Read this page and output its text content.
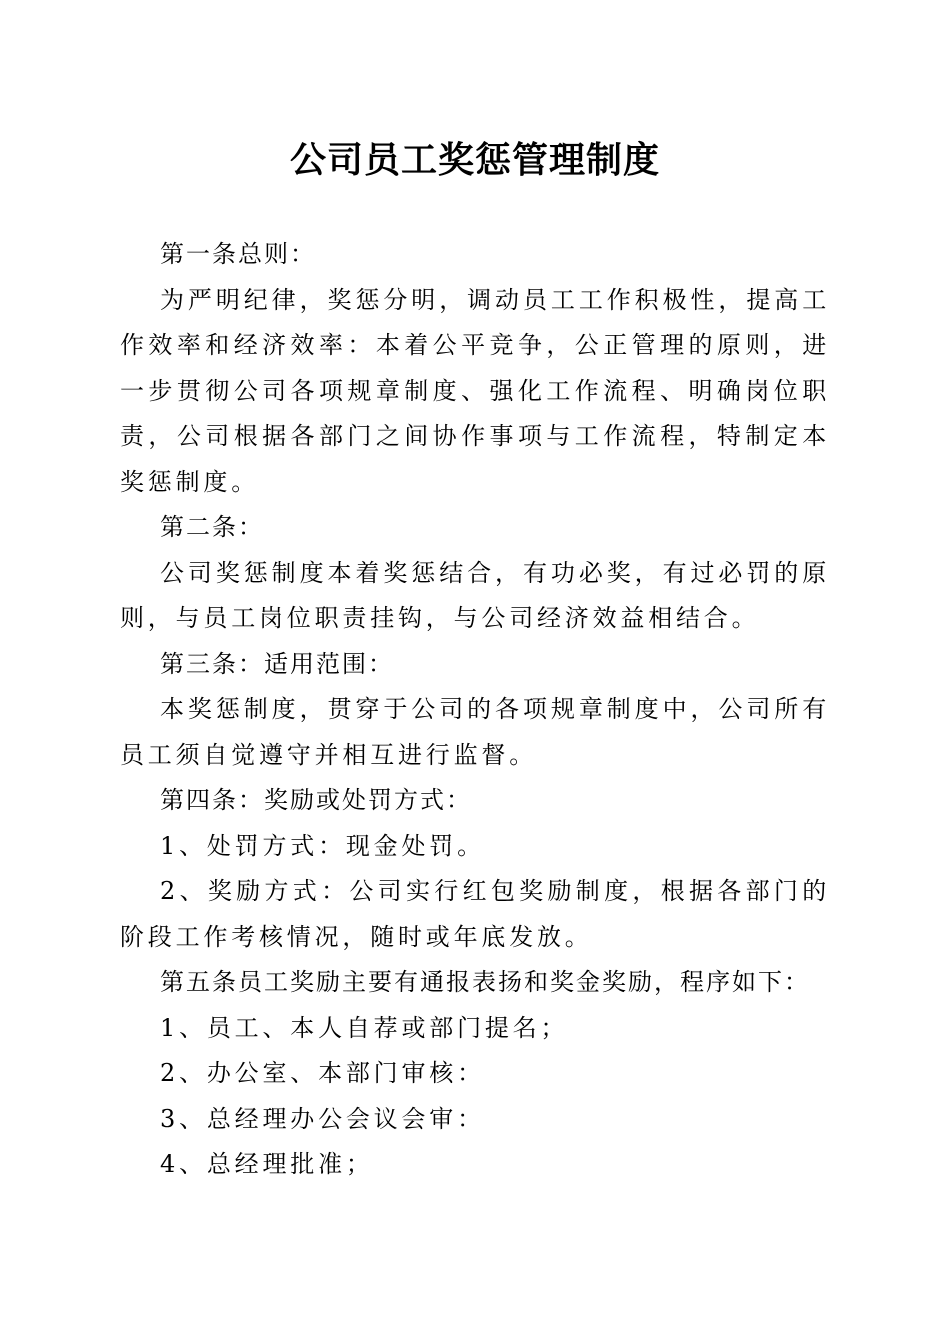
公司员工奖惩管理制度

第一条总则：

为严明纪律，奖惩分明，调动员工工作积极性，提高工作效率和经济效率：本着公平竞争，公正管理的原则，进一步贯彻公司各项规章制度、强化工作流程、明确岗位职责，公司根据各部门之间协作事项与工作流程，特制定本奖惩制度。

第二条：

公司奖惩制度本着奖惩结合，有功必奖，有过必罚的原则，与员工岗位职责挂钩，与公司经济效益相结合。

第三条：适用范围：

本奖惩制度，贯穿于公司的各项规章制度中，公司所有员工须自觉遵守并相互进行监督。

第四条：奖励或处罚方式：

1、处罚方式：现金处罚。

2、奖励方式：公司实行红包奖励制度，根据各部门的阶段工作考核情况，随时或年底发放。

第五条员工奖励主要有通报表扬和奖金奖励，程序如下：

1、员工、本人自荐或部门提名；

2、办公室、本部门审核：

3、总经理办公会议会审：

4、总经理批准；
